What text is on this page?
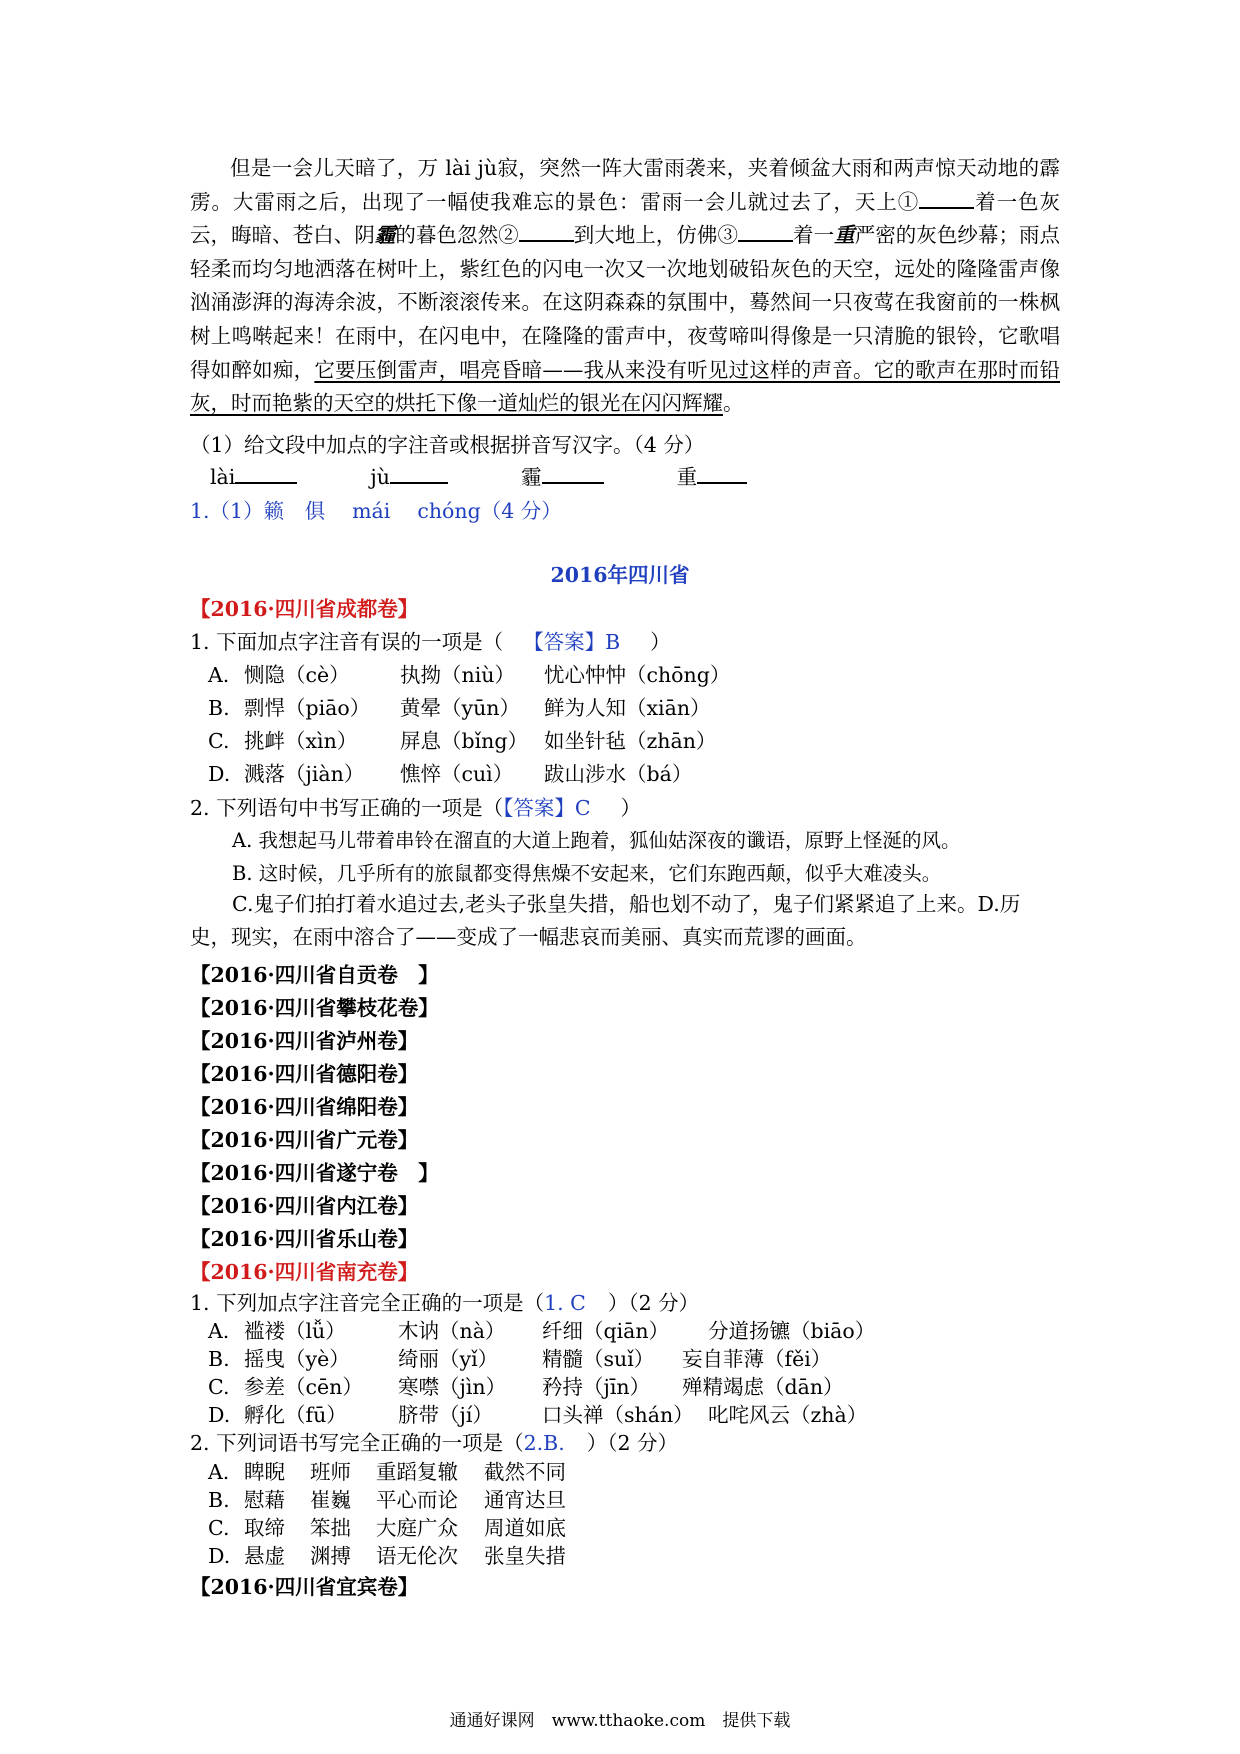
但是一会儿天暗了，万 lài jù寂，突然一阵大雷雨袭来，夹着倾盆大雨和两声惊天动地的霹雳。大雷雨之后，出现了一幅使我难忘的景色：雷雨一会儿就过去了，天上①	着一色灰云，晦暗、苍白、阴霾的暮色忽然②	到大地上，仿佛③	着一重严密的灰色纱幕；雨点轻柔而均匀地洒落在树叶上，紫红色的闪电一次又一次地划破铅灰色的天空，远处的隆隆雷声像汹涌澎湃的海涛余波，不断滚滚传来。在这阴森森的氛围中，蓦然间一只夜莺在我窗前的一株枫树上鸣啭起来！在雨中，在闪电中，在隆隆的雷声中，夜莺啼叫得像是一只清脆的银铃，它歌唱得如醉如痴，它要压倒雷声，唱亮昏暗——我从来没有听见过这样的声音。它的歌声在那时而铅灰，时而艳紫的天空的烘托下像一道灿烂的银光在闪闪辉耀。
（1）给文段中加点的字注音或根据拼音写汉字。（4 分）
lài	jù	霾	重
1.（1）籁　俱　 mái　 chóng（4 分）
2016年四川省
【2016·四川省成都卷】
1. 下面加点字注音有误的一项是（ 【答案】B ）
A. 恻隐（cè） 执拗（niù） 忧心忡忡（chōng）
B. 剽悍（piāo） 黄晕（yūn） 鲜为人知（xiān）
C. 挑衅（xìn） 屏息（bǐng） 如坐针毡（zhān）
D. 溅落（jiàn） 憔悴（cuì） 跋山涉水（bá）
2. 下列语句中书写正确的一项是（【答案】C ）
A. 我想起马儿带着串铃在溜直的大道上跑着，狐仙姑深夜的谶语，原野上怪涎的风。
B. 这时候，几乎所有的旅鼠都变得焦燥不安起来，它们东跑西颠，似乎大难凌头。
C.鬼子们拍打着水追过去,老头子张皇失措，船也划不动了，鬼子们紧紧追了上来。D.历史，现实，在雨中溶合了——变成了一幅悲哀而美丽、真实而荒谬的画面。
【2016·四川省自贡卷　】
【2016·四川省攀枝花卷】
【2016·四川省泸州卷】
【2016·四川省德阳卷】
【2016·四川省绵阳卷】
【2016·四川省广元卷】
【2016·四川省遂宁卷　】
【2016·四川省内江卷】
【2016·四川省乐山卷】
【2016·四川省南充卷】
1. 下列加点字注音完全正确的一项是（1. C ）（2 分）
A. 褴褛（lǚ）	木讷（nà） 纤细（qiān） 分道扬镳（biāo）
B. 摇曳（yè） 绮丽（yǐ） 精髓（suǐ） 妄自菲薄（fěi）
C. 参差（cēn） 寒噤（jìn） 矜持（jīn） 殚精竭虑（dān）
D. 孵化（fū） 脐带（jí） 口头禅（shán） 叱咤风云（zhà）
2. 下列词语书写完全正确的一项是（2.B. ）（2 分）
A. 睥睨 班师 重蹈复辙 截然不同
B. 慰藉 崔巍 平心而论 通宵达旦
C. 取缔 笨拙 大庭广众 周道如底
D. 悬虚 渊搏 语无伦次 张皇失措
【2016·四川省宜宾卷】
通通好课网　www.tthaoke.com　提供下载
